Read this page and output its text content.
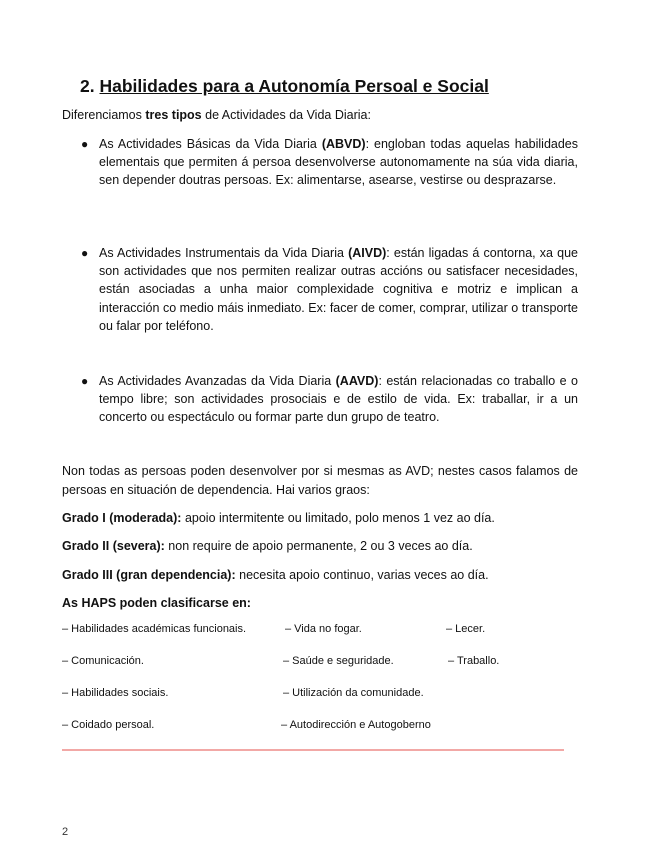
2. Habilidades para a Autonomía Persoal e Social
Diferenciamos tres tipos de Actividades da Vida Diaria:
● As Actividades Básicas da Vida Diaria (ABVD): engloban todas aquelas habilidades elementais que permiten á persoa desenvolverse autonomamente na súa vida diaria, sen depender doutras persoas. Ex: alimentarse, asearse, vestirse ou desprazarse.
● As Actividades Instrumentais da Vida Diaria (AIVD): están ligadas á contorna, xa que son actividades que nos permiten realizar outras accións ou satisfacer necesidades, están asociadas a unha maior complexidade cognitiva e motriz e implican a interacción co medio máis inmediato. Ex: facer de comer, comprar, utilizar o transporte ou falar por teléfono.
● As Actividades Avanzadas da Vida Diaria (AAVD): están relacionadas co traballo e o tempo libre; son actividades prosociais e de estilo de vida. Ex: traballar, ir a un concerto ou espectáculo ou formar parte dun grupo de teatro.
Non todas as persoas poden desenvolver por si mesmas as AVD; nestes casos falamos de persoas en situación de dependencia. Hai varios graos:
Grado I (moderada): apoio intermitente ou limitado, polo menos 1 vez ao día.
Grado II (severa): non require de apoio permanente, 2 ou 3 veces ao día.
Grado III (gran dependencia): necesita apoio continuo, varias veces ao día.
As HAPS poden clasificarse en:
– Habilidades académicas funcionais.	– Vida no fogar.	– Lecer.
– Comunicación.	– Saúde e seguridade.	– Traballo.
– Habilidades sociais.	– Utilización da comunidade.
– Coidado persoal.	– Autodirección e Autogoberno
2
